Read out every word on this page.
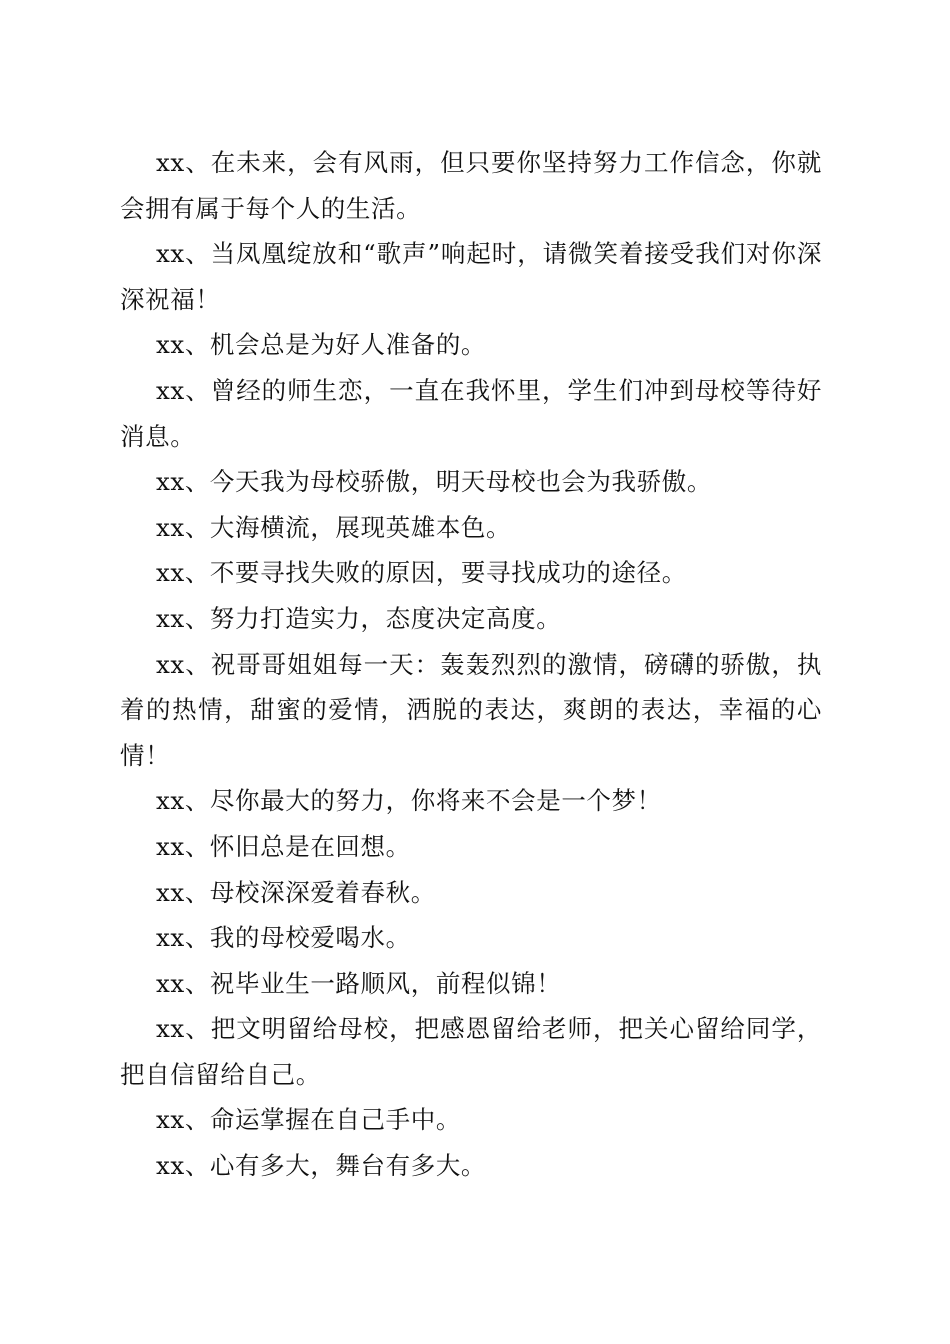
xx、在未来，会有风雨，但只要你坚持努力工作信念，你就会拥有属于每个人的生活。

xx、当凤凰绽放和“歌声”响起时，请微笑着接受我们对你深深祝福！

xx、机会总是为好人准备的。

xx、曾经的师生恋，一直在我怀里，学生们冲到母校等待好消息。

xx、今天我为母校骄傲，明天母校也会为我骄傲。

xx、大海横流，展现英雄本色。

xx、不要寻找失败的原因，要寻找成功的途径。

xx、努力打造实力，态度决定高度。

xx、祝哥哥姐姐每一天：轰轰烈烈的激情，磅礴的骄傲，执着的热情，甜蜜的爱情，洒脱的表达，爽朗的表达，幸福的心情！

xx、尽你最大的努力，你将来不会是一个梦！

xx、怀旧总是在回想。

xx、母校深深爱着春秋。

xx、我的母校爱喝水。

xx、祝毕业生一路顺风，前程似锦！

xx、把文明留给母校，把感恩留给老师，把关心留给同学，把自信留给自己。

xx、命运掌握在自己手中。

xx、心有多大，舞台有多大。
